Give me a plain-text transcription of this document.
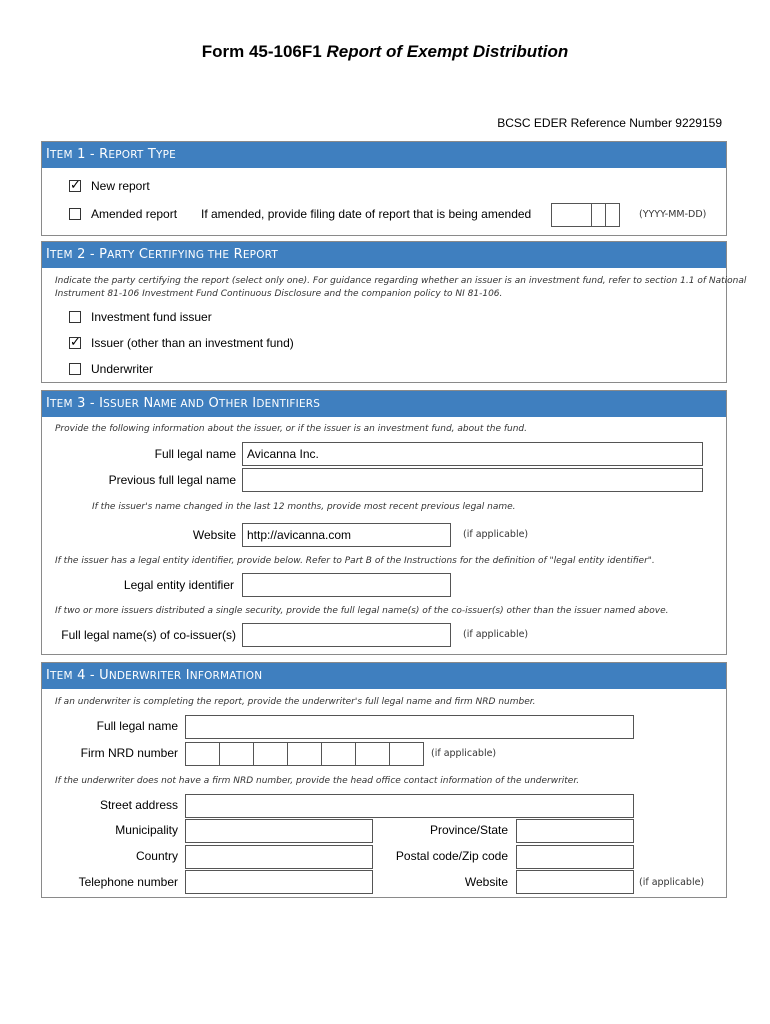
Form 45-106F1 Report of Exempt Distribution
BCSC EDER Reference Number 9229159
ITEM 1 - REPORT TYPE
✓ New report
Amended report If amended, provide filing date of report that is being amended	(YYYY-MM-DD)
ITEM 2 - PARTY CERTIFYING THE REPORT
Indicate the party certifying the report (select only one). For guidance regarding whether an issuer is an investment fund, refer to section 1.1 of National
Instrument 81-106 Investment Fund Continuous Disclosure and the companion policy to NI 81-106.
Investment fund issuer
✓ Issuer (other than an investment fund)
Underwriter
ITEM 3 - ISSUER NAME AND OTHER IDENTIFIERS
Provide the following information about the issuer, or if the issuer is an investment fund, about the fund.
Full legal name Avicanna Inc.
Previous full legal name
If the issuer's name changed in the last 12 months, provide most recent previous legal name.
Website http://avicanna.com	(if applicable)
If the issuer has a legal entity identifier, provide below. Refer to Part B of the Instructions for the definition of "legal entity identifier".
Legal entity identifier
If two or more issuers distributed a single security, provide the full legal name(s) of the co-issuer(s) other than the issuer named above.
Full legal name(s) of co-issuer(s)	(if applicable)
ITEM 4 - UNDERWRITER INFORMATION
If an underwriter is completing the report, provide the underwriter's full legal name and firm NRD number.
Full legal name
Firm NRD number	(if applicable)
If the underwriter does not have a firm NRD number, provide the head office contact information of the underwriter.
Street address
Municipality	Province/State
Country	Postal code/Zip code
Telephone number	Website	(if applicable)
